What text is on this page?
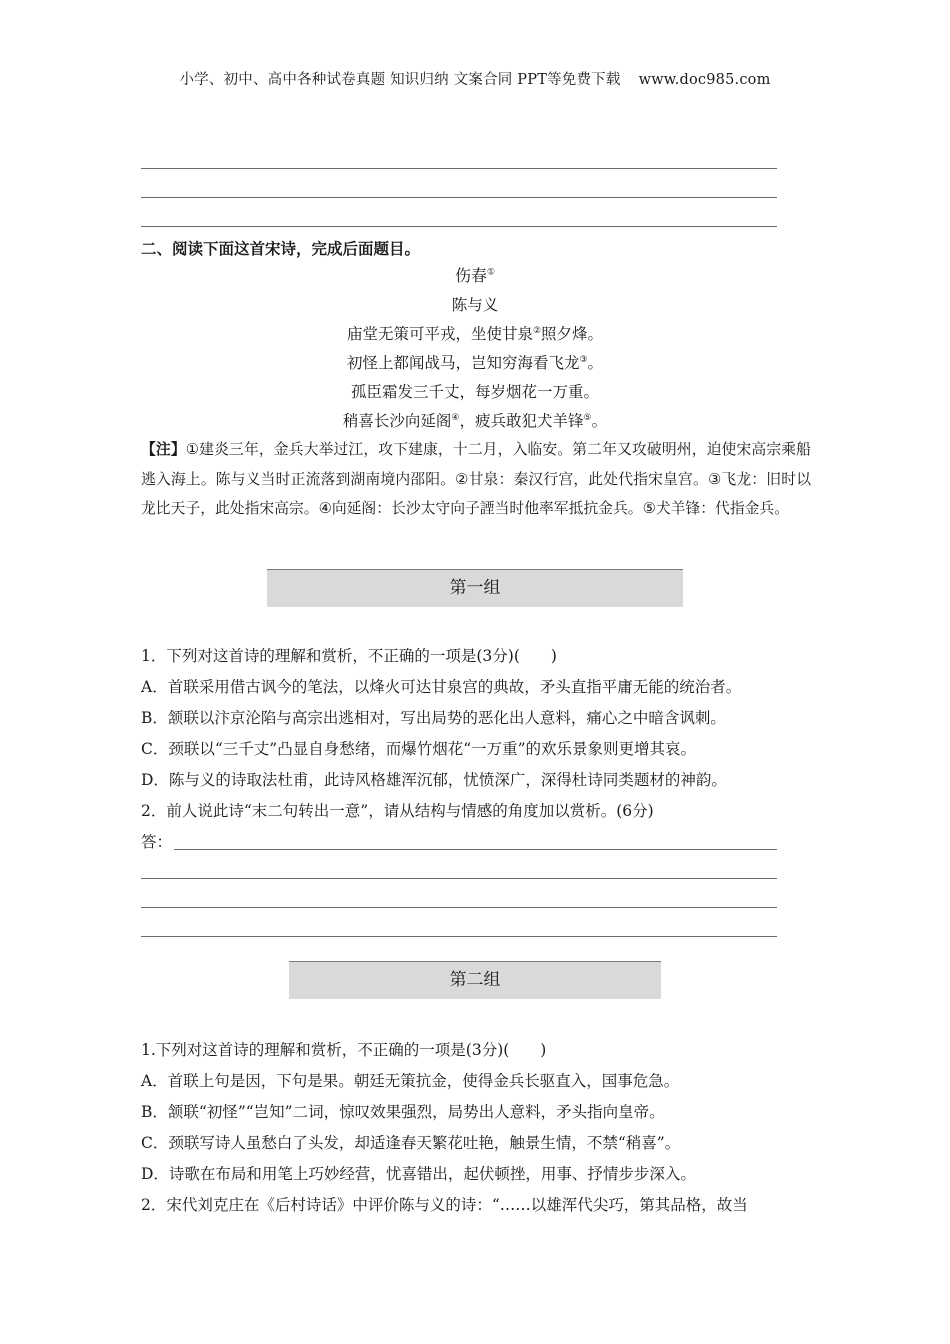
小学、初中、高中各种试卷真题 知识归纳 文案合同 PPT等免费下载 www.doc985.com
二、阅读下面这首宋诗，完成后面题目。
伤春①
陈与义
庙堂无策可平戎，坐使甘泉②照夕烽。
初怪上都闻战马，岂知穷海看飞龙③。
孤臣霜发三千丈，每岁烟花一万重。
稍喜长沙向延阁④，疲兵敢犯犬羊锋⑤。
【注】①建炎三年，金兵大举过江，攻下建康，十二月，入临安。第二年又攻破明州，迫使宋高宗乘船逃入海上。陈与义当时正流落到湖南境内邵阳。②甘泉：秦汉行宫，此处代指宋皇宫。③飞龙：旧时以龙比天子，此处指宋高宗。④向延阁：长沙太守向子諲当时他率军抵抗金兵。⑤犬羊锋：代指金兵。
第一组
1．下列对这首诗的理解和赏析，不正确的一项是(3分)(　　)
A．首联采用借古讽今的笔法，以烽火可达甘泉宫的典故，矛头直指平庸无能的统治者。
B．颔联以汴京沦陷与高宗出逃相对，写出局势的恶化出人意料，痛心之中暗含讽刺。
C．颈联以“三千丈”凸显自身愁绪，而爆竹烟花“一万重”的欢乐景象则更增其哀。
D．陈与义的诗取法杜甫，此诗风格雄浑沉郁，忧愤深广，深得杜诗同类题材的神韵。
2．前人说此诗“末二句转出一意”，请从结构与情感的角度加以赏析。(6分)
答：
第二组
1.下列对这首诗的理解和赏析，不正确的一项是(3分)(　　)
A．首联上句是因，下句是果。朝廷无策抗金，使得金兵长驱直入，国事危急。
B．颔联“初怪”“岂知”二词，惊叹效果强烈，局势出人意料，矛头指向皇帝。
C．颈联写诗人虽愁白了头发，却适逢春天繁花吐艳，触景生情，不禁“稍喜”。
D．诗歌在布局和用笔上巧妙经营，忧喜错出，起伏顿挫，用事、抒情步步深入。
2．宋代刘克庄在《后村诗话》中评价陈与义的诗：“……以雄浑代尖巧，第其品格，故当
